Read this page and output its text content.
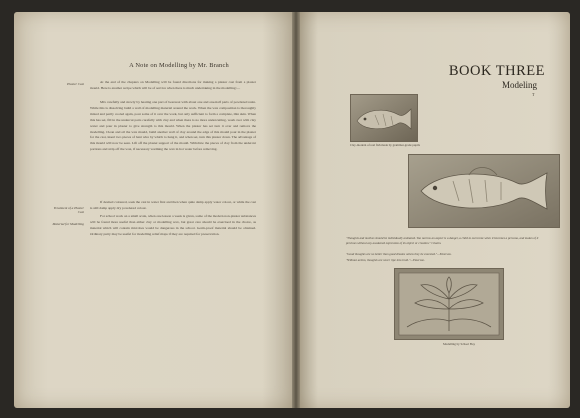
A Note on Modelling by Mr. Branch
Plaster Cast
Treatment of a Plaster Cast
Material for Modelling
At the end of the chapters on Modelling will be found directions for making a plaster cast from a plaster mould. Here is another recipe which will be of service when there is much undertaking in the modelling:—
Mix carefully and slowly by heating one part of beeswax with about one and one-half parts of powdered resin. While this is dissolving build a wall of modelling material around the work. When the wax composition is thoroughly mixed and partly cooled again, pour some of it over the work, but only sufficient to form a complete, thin skin. When this has set, fill in the undercut parts carefully with clay and when there is no more undercutting, wash over with clay water and pour in plaster to give strength to this mould. When the plaster has set turn it over and remove the modelling. Clean and oil the wax mould, build another wall of clay around the edge of this mould pour in the plaster for the cast, insert two pieces of bent wire by which to hang it, and when set, turn this plaster down. The advantage of this mould will now be seen. Lift off the plaster support of the mould. Withdraw the pieces of clay from the undercut portions and strip off the wax, if necessary warming the wax in hot water before removing.
If desired coloured, soak the cast in water first and then when quite damp apply water colour, or while the cast is still damp apply dry powdered colour.
For school work on a small scale, when one lesson a week is given, some of the modern non-plaster substances will be found more useful than either clay or modelling wax, but great care should be exercised in the choice, as material which will contain microbes would be dangerous in the school. Germ-proof material should be obtained. Ordinary putty may be useful for modelling relief maps if they are required for preservation.
BOOK THREE
Modeling
T
Clay-modern of real fish made by grammar-grade pupils
"Thoughts and motives should be individually animated. Too narrow an aspect is a danger, a child to overcome when it becomes a persona, and makes of it precious without any awakened expression of its object or creation." Chanin.
"Good thoughts are no better than good dreams unless they be executed."—Emerson.
"Without action, thoughts are never ripe into truth."—Emerson.
Modelling by School Boy
